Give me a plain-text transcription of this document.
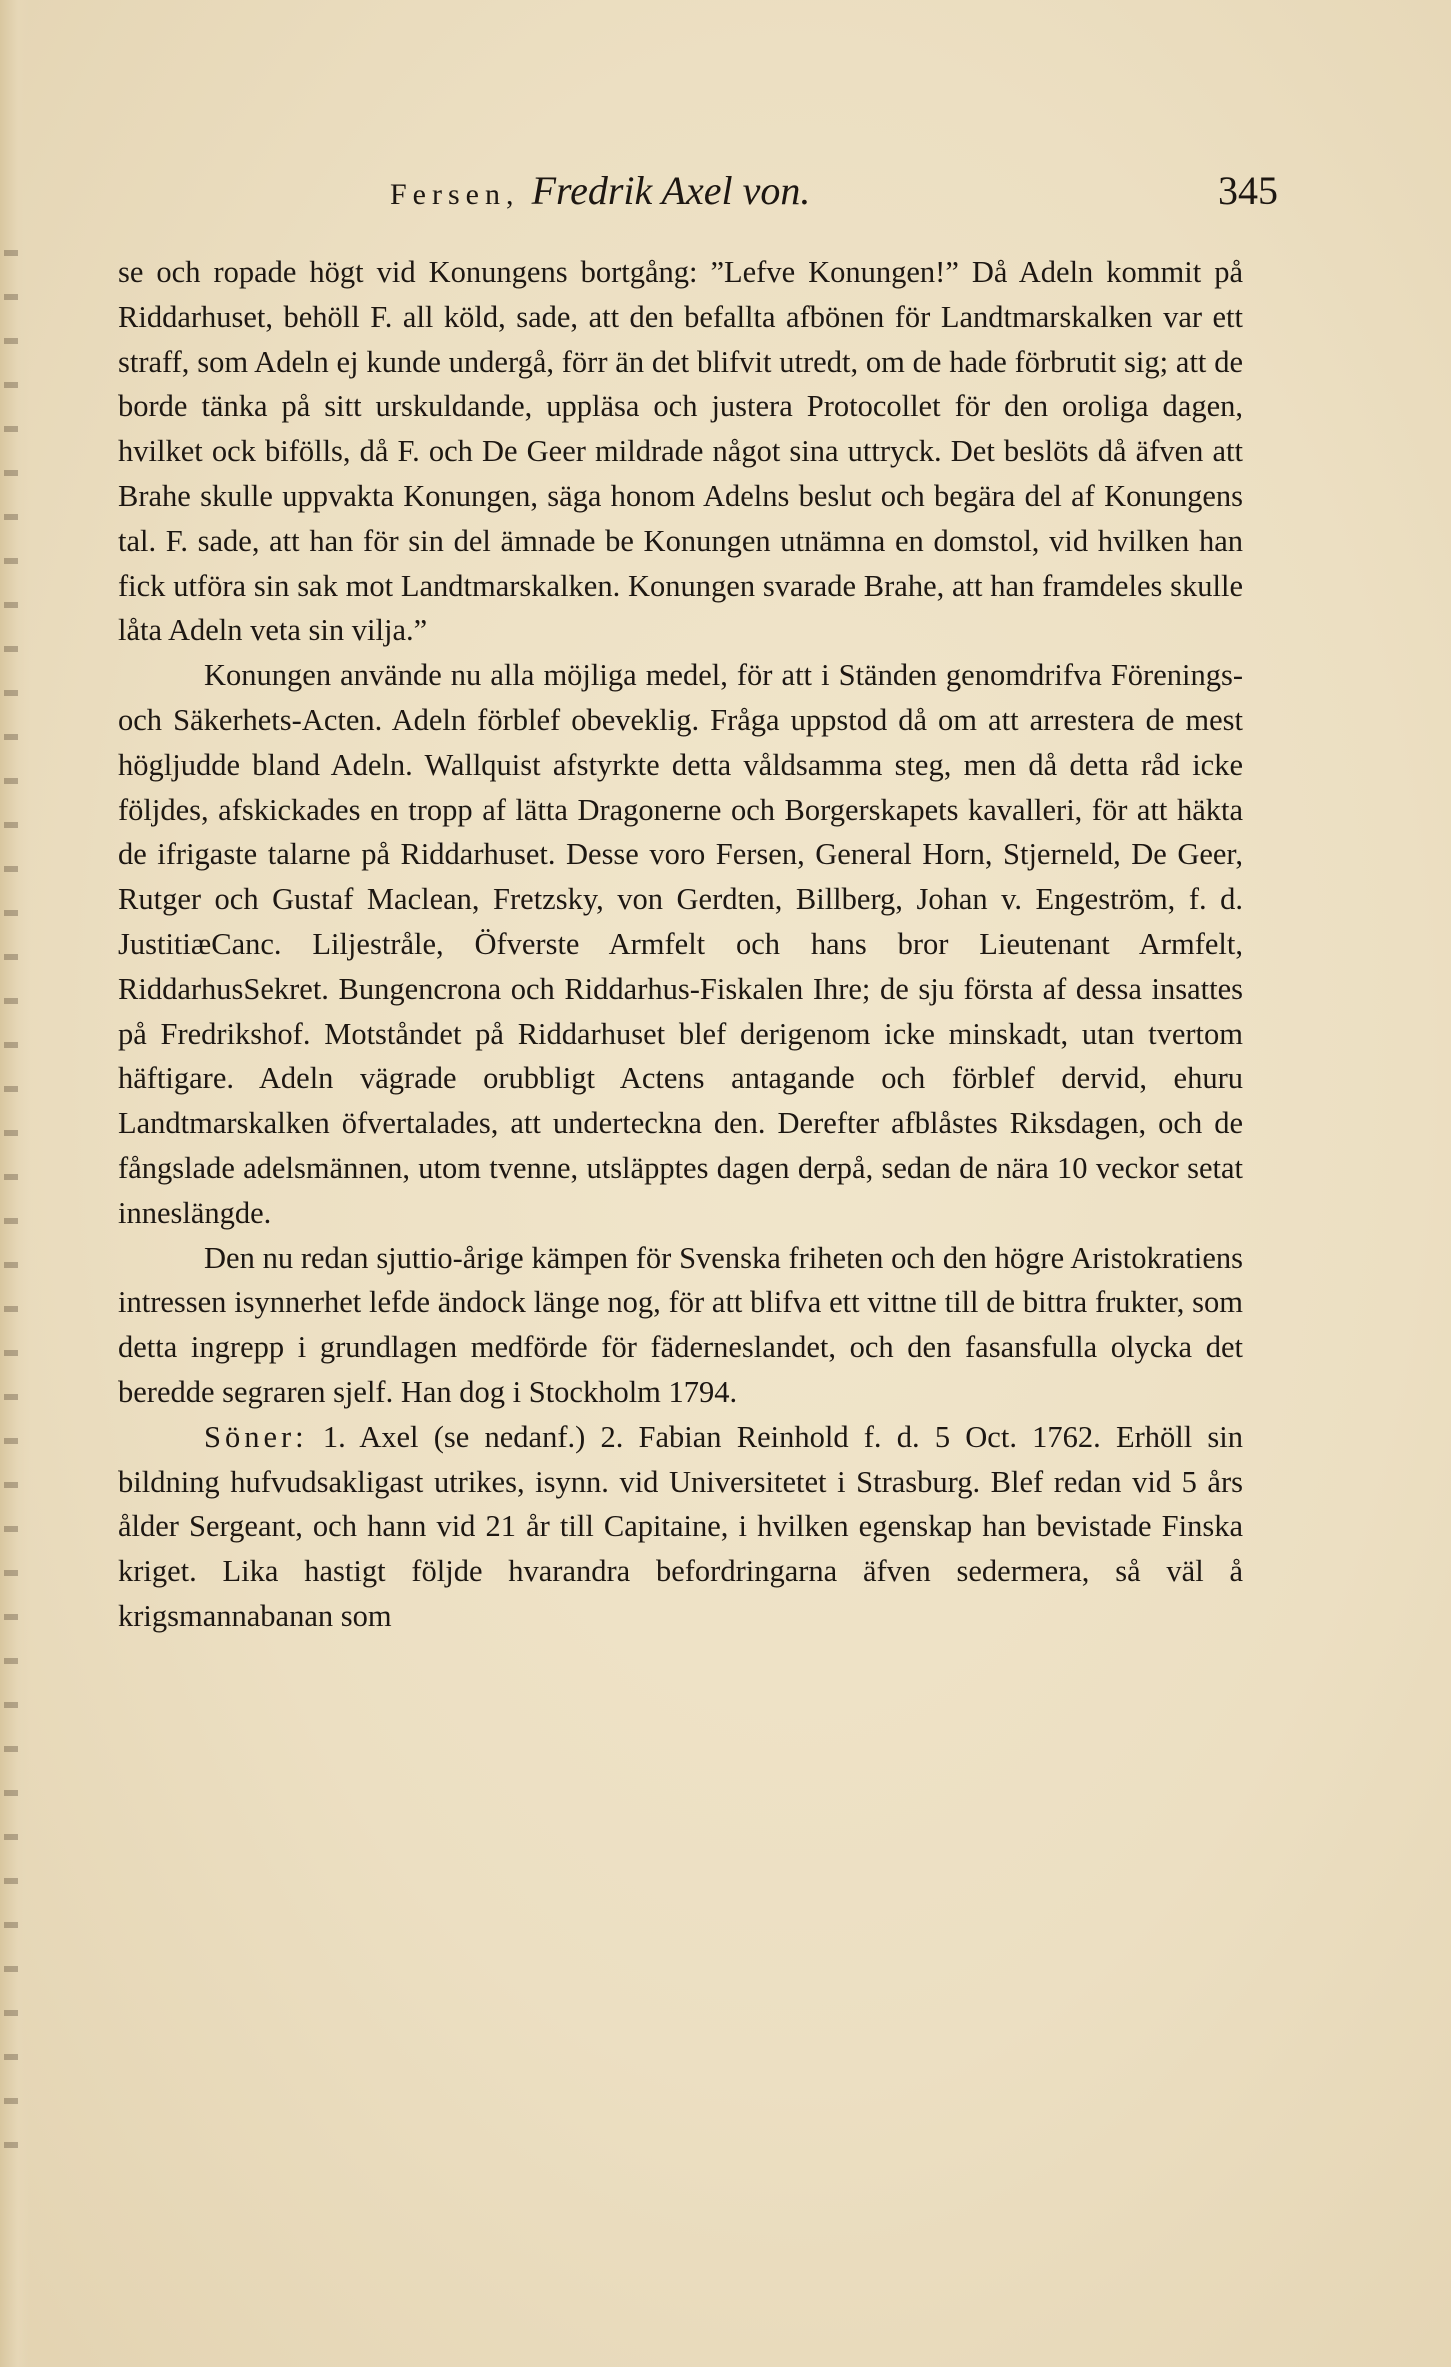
Fersen, Fredrik Axel von.	345

se och ropade högt vid Konungens bortgång: ”Lefve Konungen!” Då Adeln kommit på Riddarhuset, behöll F. all köld, sade, att den befallta afbönen för Landtmarskalken var ett straff, som Adeln ej kunde undergå, förr än det blifvit utredt, om de hade förbrutit sig; att de borde tänka på sitt urskuldande, uppläsa och justera Protocollet för den oroliga dagen, hvilket ock bifölls, då F. och De Geer mildrade något sina uttryck. Det beslöts då äfven att Brahe skulle uppvakta Konungen, säga honom Adelns beslut och begära del af Konungens tal. F. sade, att han för sin del ämnade be Konungen utnämna en domstol, vid hvilken han fick utföra sin sak mot Landtmarskalken. Konungen svarade Brahe, att han framdeles skulle låta Adeln veta sin vilja.”

Konungen använde nu alla möjliga medel, för att i Ständen genomdrifva Förenings- och Säkerhets-Acten. Adeln förblef obeveklig. Fråga uppstod då om att arrestera de mest högljudde bland Adeln. Wallquist afstyrkte detta våldsamma steg, men då detta råd icke följdes, afskickades en tropp af lätta Dragonerne och Borgerskapets kavalleri, för att häkta de ifrigaste talarne på Riddarhuset. Desse voro Fersen, General Horn, Stjerneld, De Geer, Rutger och Gustaf Maclean, Fretzsky, von Gerdten, Billberg, Johan v. Engeström, f. d. JustitiæCanc. Liljestråle, Öfverste Armfelt och hans bror Lieutenant Armfelt, RiddarhusSekret. Bungencrona och Riddarhus-Fiskalen Ihre; de sju första af dessa insattes på Fredrikshof. Motståndet på Riddarhuset blef derigenom icke minskadt, utan tvertom häftigare. Adeln vägrade orubbligt Actens antagande och förblef dervid, ehuru Landtmarskalken öfvertalades, att underteckna den. Derefter afblåstes Riksdagen, och de fångslade adelsmännen, utom tvenne, utsläpptes dagen derpå, sedan de nära 10 veckor setat inneslängde.

Den nu redan sjuttio-årige kämpen för Svenska friheten och den högre Aristokratiens intressen isynnerhet lefde ändock länge nog, för att blifva ett vittne till de bittra frukter, som detta ingrepp i grundlagen medförde för fäderneslandet, och den fasansfulla olycka det beredde segraren sjelf. Han dog i Stockholm 1794.

Söner: 1. Axel (se nedanf.) 2. Fabian Reinhold f. d. 5 Oct. 1762. Erhöll sin bildning hufvudsakligast utrikes, isynn. vid Universitetet i Strasburg. Blef redan vid 5 års ålder Sergeant, och hann vid 21 år till Capitaine, i hvilken egenskap han bevistade Finska kriget. Lika hastigt följde hvarandra befordringarna äfven sedermera, så väl å krigsmannabanan som
